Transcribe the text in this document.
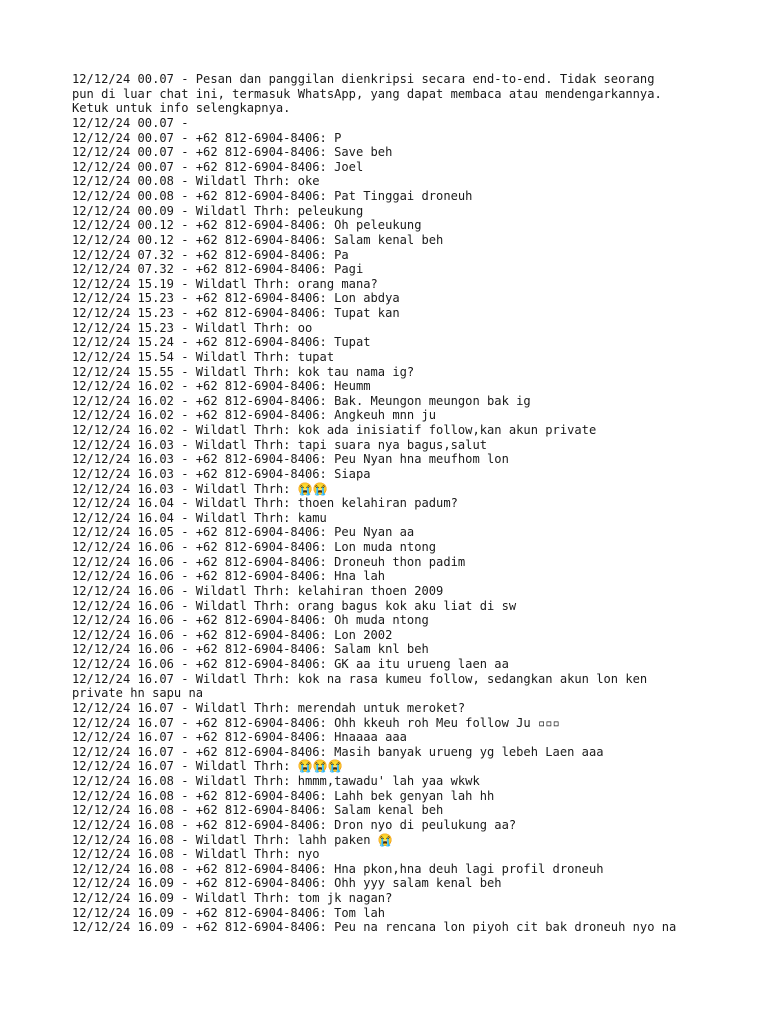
12/12/24 00.07 - Pesan dan panggilan dienkripsi secara end-to-end. Tidak seorang
pun di luar chat ini, termasuk WhatsApp, yang dapat membaca atau mendengarkannya.
Ketuk untuk info selengkapnya.
12/12/24 00.07 -
12/12/24 00.07 - +62 812-6904-8406: P
12/12/24 00.07 - +62 812-6904-8406: Save beh
12/12/24 00.07 - +62 812-6904-8406: Joel
12/12/24 00.08 - Wildatl Thrh: oke
12/12/24 00.08 - +62 812-6904-8406: Pat Tinggai droneuh
12/12/24 00.09 - Wildatl Thrh: peleukung
12/12/24 00.12 - +62 812-6904-8406: Oh peleukung
12/12/24 00.12 - +62 812-6904-8406: Salam kenal beh
12/12/24 07.32 - +62 812-6904-8406: Pa
12/12/24 07.32 - +62 812-6904-8406: Pagi
12/12/24 15.19 - Wildatl Thrh: orang mana?
12/12/24 15.23 - +62 812-6904-8406: Lon abdya
12/12/24 15.23 - +62 812-6904-8406: Tupat kan
12/12/24 15.23 - Wildatl Thrh: oo
12/12/24 15.24 - +62 812-6904-8406: Tupat
12/12/24 15.54 - Wildatl Thrh: tupat
12/12/24 15.55 - Wildatl Thrh: kok tau nama ig?
12/12/24 16.02 - +62 812-6904-8406: Heumm
12/12/24 16.02 - +62 812-6904-8406: Bak. Meungon meungon bak ig
12/12/24 16.02 - +62 812-6904-8406: Angkeuh mnn ju
12/12/24 16.02 - Wildatl Thrh: kok ada inisiatif follow,kan akun private
12/12/24 16.03 - Wildatl Thrh: tapi suara nya bagus,salut
12/12/24 16.03 - +62 812-6904-8406: Peu Nyan hna meufhom lon
12/12/24 16.03 - +62 812-6904-8406: Siapa
12/12/24 16.03 - Wildatl Thrh: 😭😭
12/12/24 16.04 - Wildatl Thrh: thoen kelahiran padum?
12/12/24 16.04 - Wildatl Thrh: kamu
12/12/24 16.05 - +62 812-6904-8406: Peu Nyan aa
12/12/24 16.06 - +62 812-6904-8406: Lon muda ntong
12/12/24 16.06 - +62 812-6904-8406: Droneuh thon padim
12/12/24 16.06 - +62 812-6904-8406: Hna lah
12/12/24 16.06 - Wildatl Thrh: kelahiran thoen 2009
12/12/24 16.06 - Wildatl Thrh: orang bagus kok aku liat di sw
12/12/24 16.06 - +62 812-6904-8406: Oh muda ntong
12/12/24 16.06 - +62 812-6904-8406: Lon 2002
12/12/24 16.06 - +62 812-6904-8406: Salam knl beh
12/12/24 16.06 - +62 812-6904-8406: GK aa itu urueng laen aa
12/12/24 16.07 - Wildatl Thrh: kok na rasa kumeu follow, sedangkan akun lon ken
private hn sapu na
12/12/24 16.07 - Wildatl Thrh: merendah untuk meroket?
12/12/24 16.07 - +62 812-6904-8406: Ohh kkeuh roh Meu follow Ju ▫▫▫
12/12/24 16.07 - +62 812-6904-8406: Hnaaaa aaa
12/12/24 16.07 - +62 812-6904-8406: Masih banyak urueng yg lebeh Laen aaa
12/12/24 16.07 - Wildatl Thrh: 😭😭😭
12/12/24 16.08 - Wildatl Thrh: hmmm,tawadu' lah yaa wkwk
12/12/24 16.08 - +62 812-6904-8406: Lahh bek genyan lah hh
12/12/24 16.08 - +62 812-6904-8406: Salam kenal beh
12/12/24 16.08 - +62 812-6904-8406: Dron nyo di peulukung aa?
12/12/24 16.08 - Wildatl Thrh: lahh paken 😭
12/12/24 16.08 - Wildatl Thrh: nyo
12/12/24 16.08 - +62 812-6904-8406: Hna pkon,hna deuh lagi profil droneuh
12/12/24 16.09 - +62 812-6904-8406: Ohh yyy salam kenal beh
12/12/24 16.09 - Wildatl Thrh: tom jk nagan?
12/12/24 16.09 - +62 812-6904-8406: Tom lah
12/12/24 16.09 - +62 812-6904-8406: Peu na rencana lon piyoh cit bak droneuh nyo na
